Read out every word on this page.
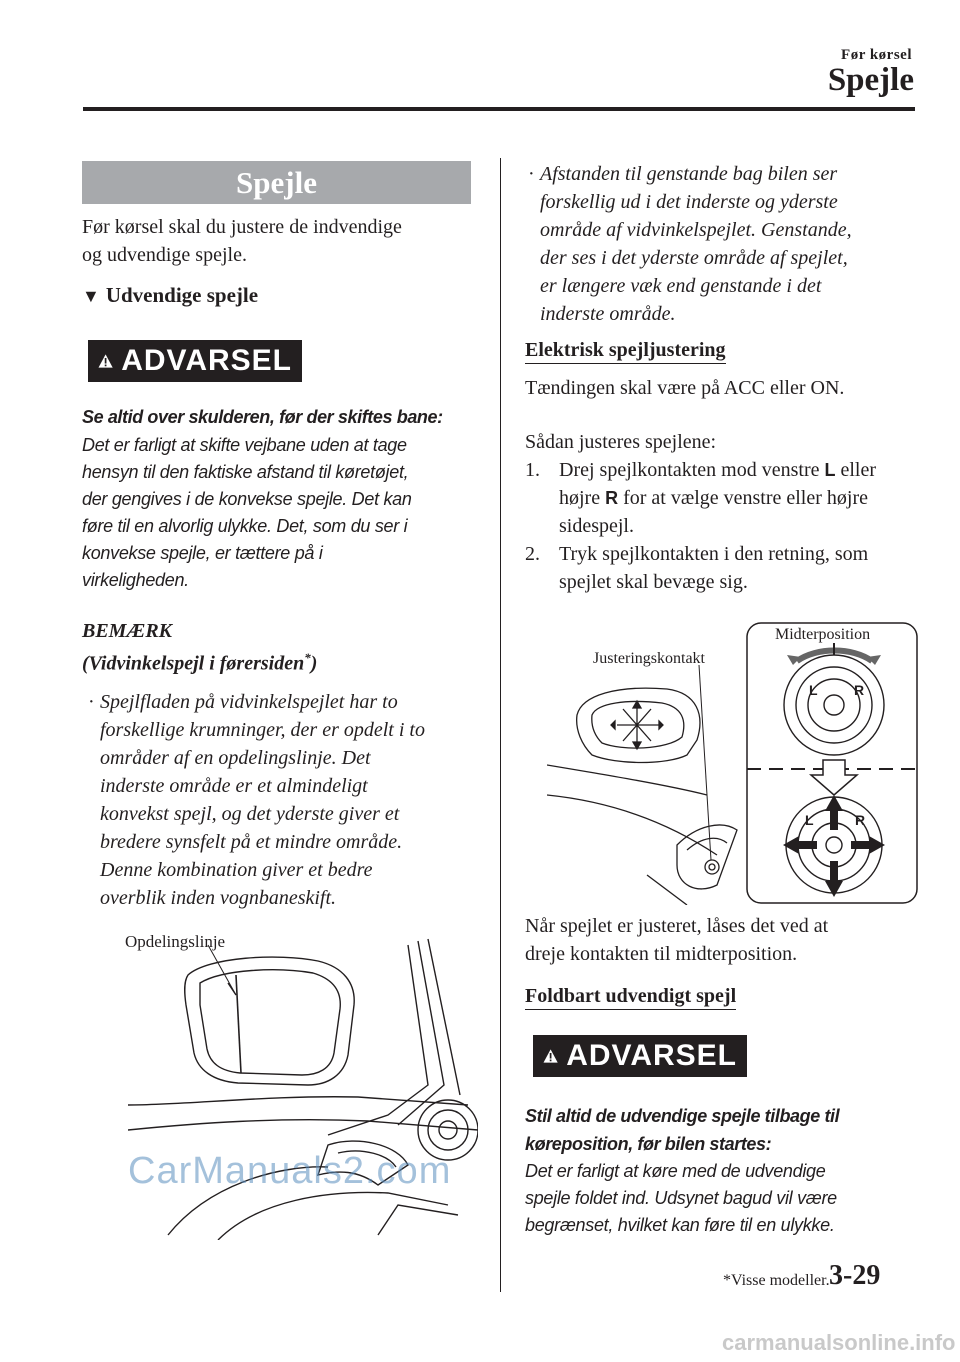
Før kørsel
Spejle
Spejle
Før kørsel skal du justere de indvendige
og udvendige spejle.
▼ Udvendige spejle
ADVARSEL
Se altid over skulderen, før der skiftes bane:
Det er farligt at skifte vejbane uden at tage
hensyn til den faktiske afstand til køretøjet,
der gengives i de konvekse spejle. Det kan
føre til en alvorlig ulykke. Det, som du ser i
konvekse spejle, er tættere på i
virkeligheden.
BEMÆRK
(Vidvinkelspejl i førersiden*)
· Spejlfladen på vidvinkelspejlet har to
forskellige krumninger, der er opdelt i to
områder af en opdelingslinje. Det
inderste område er et almindeligt
konvekst spejl, og det yderste giver et
bredere synsfelt på et mindre område.
Denne kombination giver et bedre
overblik inden vognbaneskift.
Opdelingslinje
· Afstanden til genstande bag bilen ser
forskellig ud i det inderste og yderste
område af vidvinkelspejlet. Genstande,
der ses i det yderste område af spejlet,
er længere væk end genstande i det
inderste område.
Elektrisk spejljustering
Tændingen skal være på ACC eller ON.
Sådan justeres spejlene:
1. Drej spejlkontakten mod venstre L eller
højre R for at vælge venstre eller højre
sidespejl.
2. Tryk spejlkontakten i den retning, som
spejlet skal bevæge sig.
L	R
L	R
Midterposition
Justeringskontakt
Når spejlet er justeret, låses det ved at
dreje kontakten til midterposition.
Foldbart udvendigt spejl
ADVARSEL
Stil altid de udvendige spejle tilbage til
køreposition, før bilen startes:
Det er farligt at køre med de udvendige
spejle foldet ind. Udsynet bagud vil være
begrænset, hvilket kan føre til en ulykke.
CarManuals2.com
*Visse modeller. 3-29
carmanualsonline.info
